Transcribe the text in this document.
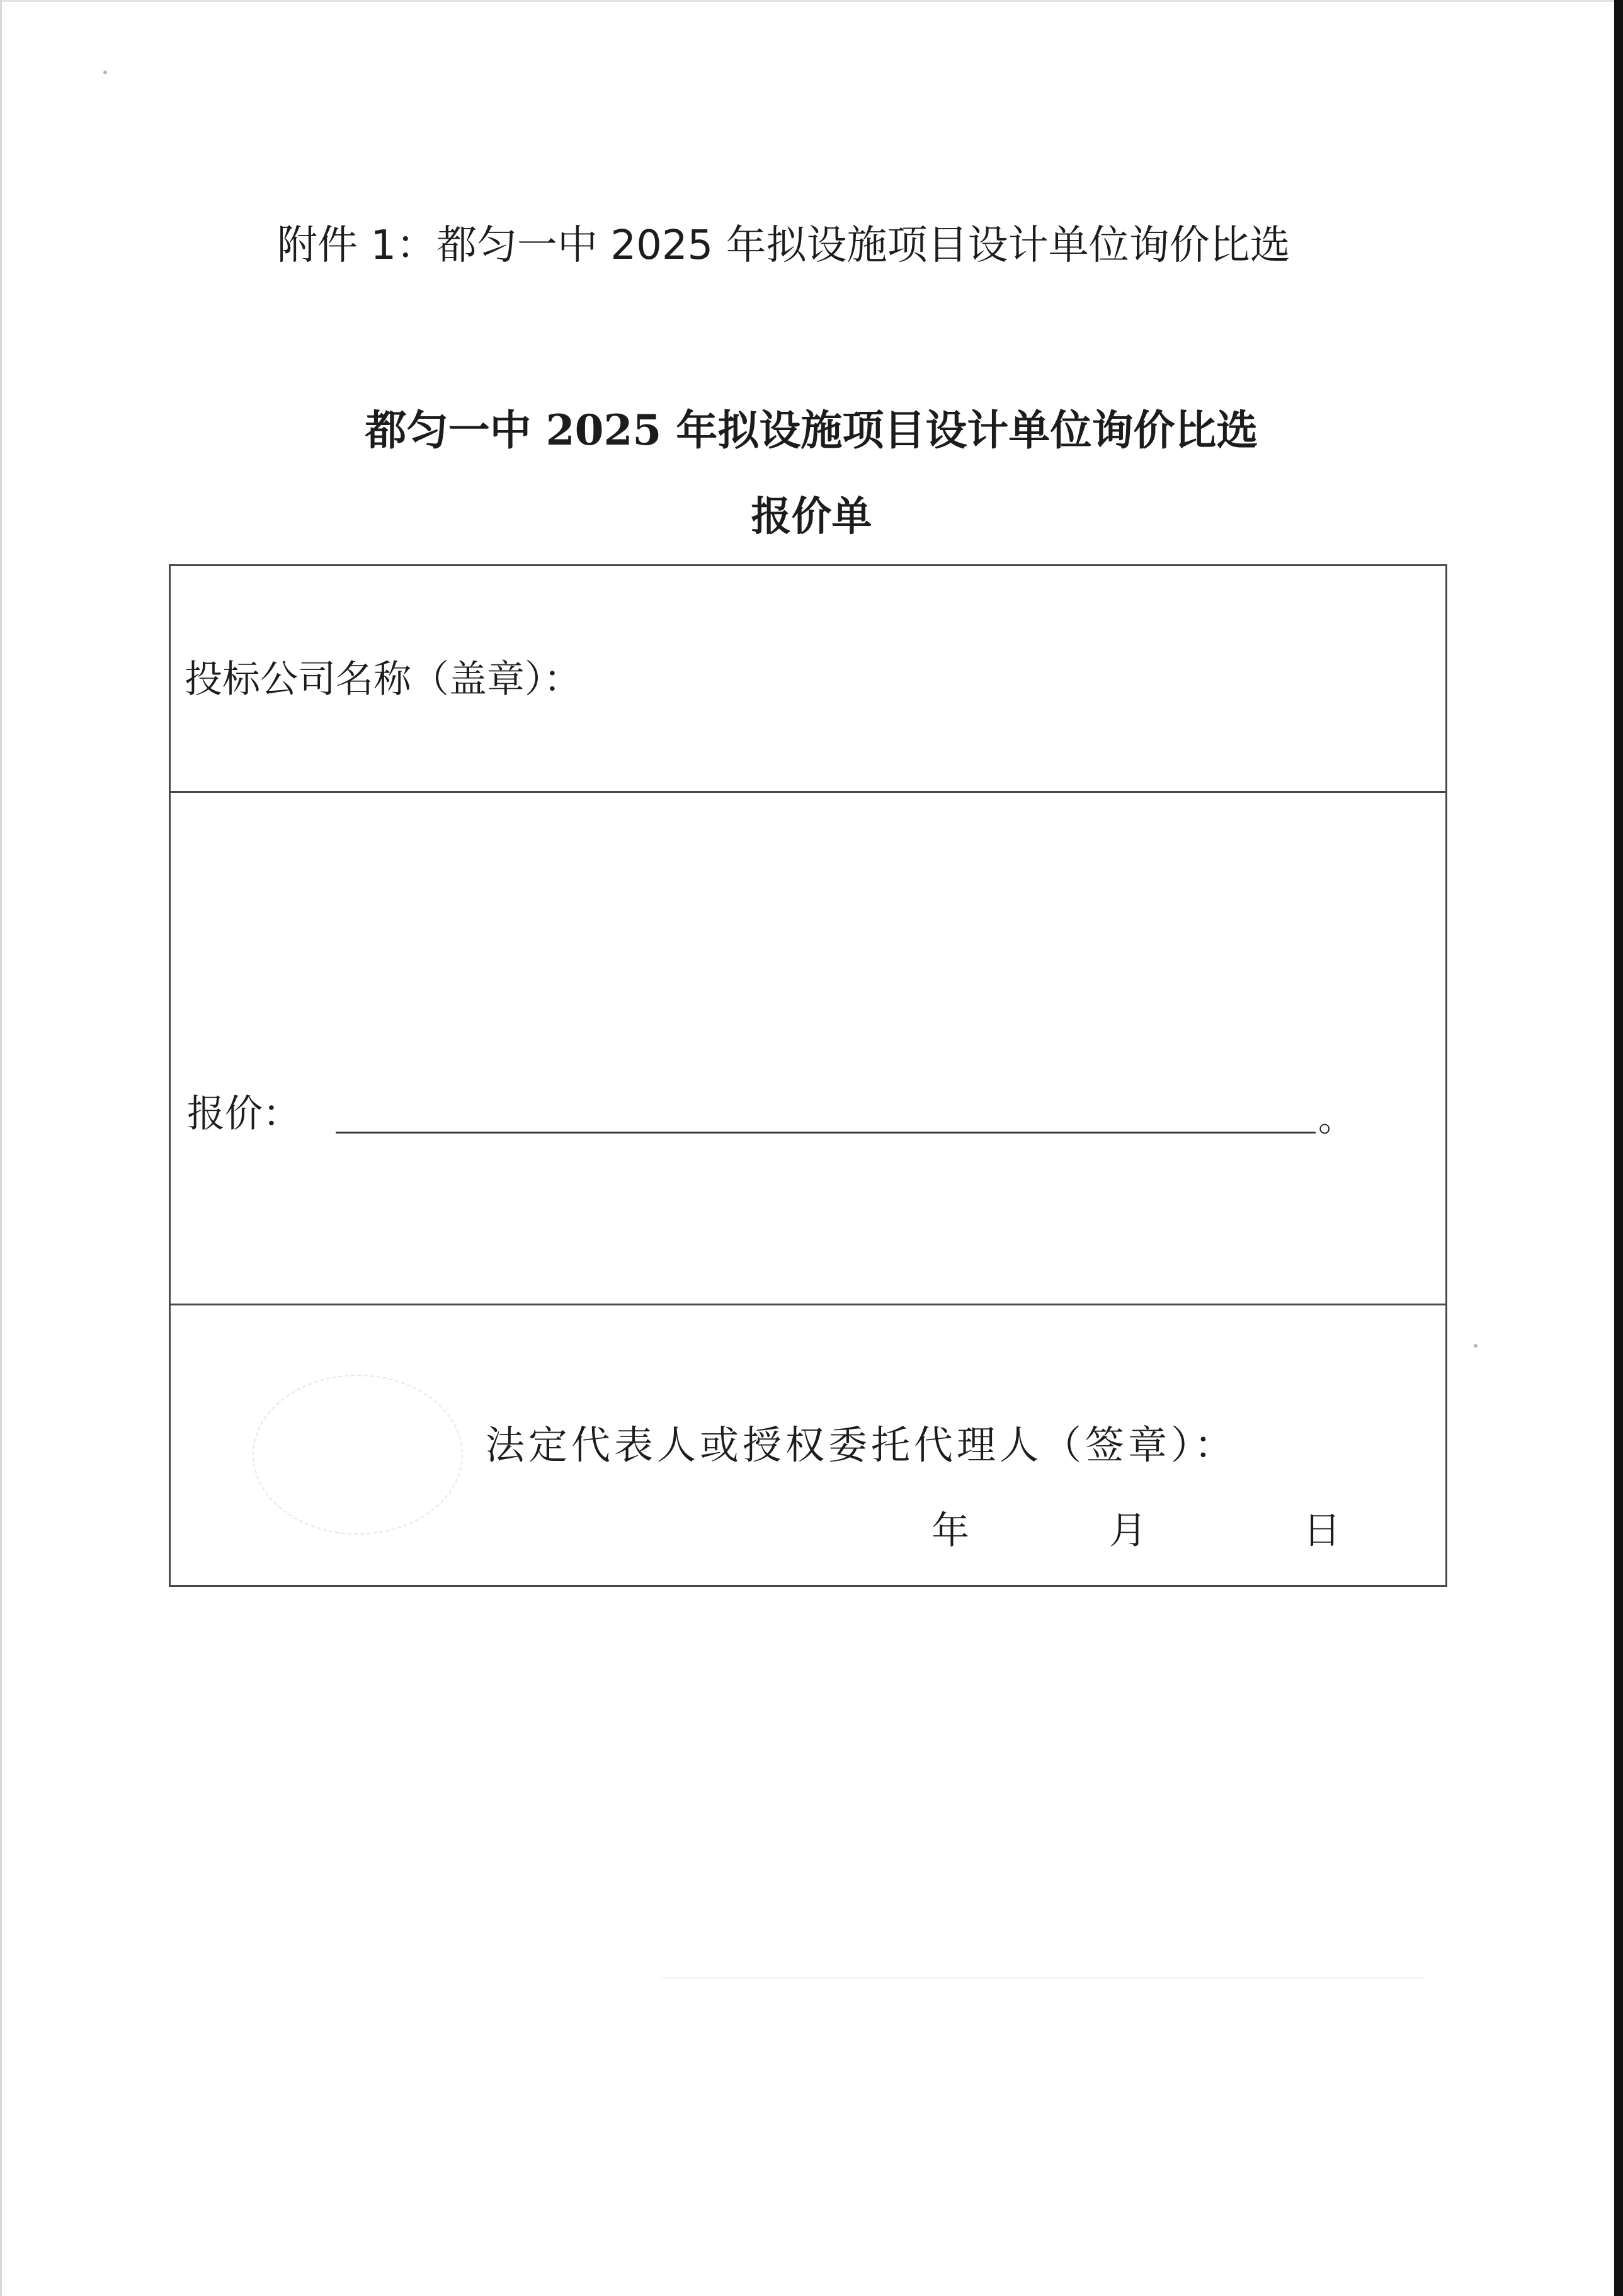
附件 1：都匀一中 2025 年拟设施项目设计单位询价比选
都匀一中 2025 年拟设施项目设计单位询价比选
报价单
投标公司名称（盖章）：
报价：	。
法定代表人或授权委托代理人（签章）：
年	月	日
